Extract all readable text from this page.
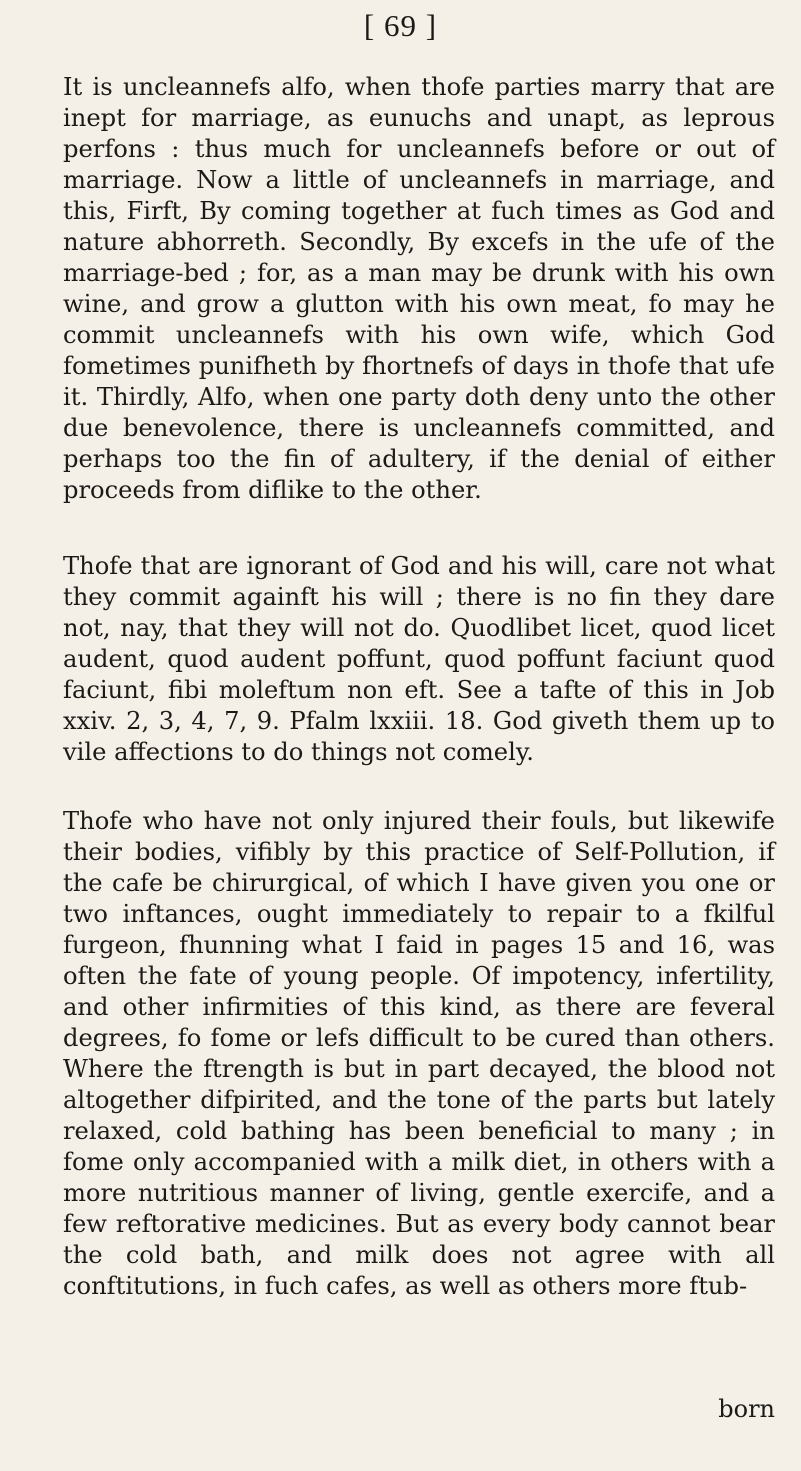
[ 69 ]

It is uncleannefs alfo, when thofe parties marry that are inept for marriage, as eunuchs and unapt, as leprous perfons : thus much for uncleannefs before or out of marriage. Now a little of uncleannefs in marriage, and this, Firft, By coming together at fuch times as God and nature abhorreth. Secondly, By excefs in the ufe of the marriage-bed ; for, as a man may be drunk with his own wine, and grow a glutton with his own meat, fo may he commit uncleannefs with his own wife, which God fometimes punifheth by fhortnefs of days in thofe that ufe it. Thirdly, Alfo, when one party doth deny unto the other due benevolence, there is uncleannefs committed, and perhaps too the fin of adultery, if the denial of either proceeds from diflike to the other.

Thofe that are ignorant of God and his will, care not what they commit againft his will ; there is no fin they dare not, nay, that they will not do. Quodlibet licet, quod licet audent, quod audent poffunt, quod poffunt faciunt quod faciunt, fibi moleftum non eft. See a tafte of this in Job xxiv. 2, 3, 4, 7, 9. Pfalm lxxiii. 18. God giveth them up to vile affections to do things not comely.

Thofe who have not only injured their fouls, but likewife their bodies, vifibly by this practice of Self-Pollution, if the cafe be chirurgical, of which I have given you one or two inftances, ought immediately to repair to a fkilful furgeon, fhunning what I faid in pages 15 and 16, was often the fate of young people. Of impotency, infertility, and other infirmities of this kind, as there are feveral degrees, fo fome or lefs difficult to be cured than others. Where the ftrength is but in part decayed, the blood not altogether difpirited, and the tone of the parts but lately relaxed, cold bathing has been beneficial to many ; in fome only accompanied with a milk diet, in others with a more nutritious manner of living, gentle exercife, and a few reftorative medicines. But as every body cannot bear the cold bath, and milk does not agree with all conftitutions, in fuch cafes, as well as others more ftub-

born
